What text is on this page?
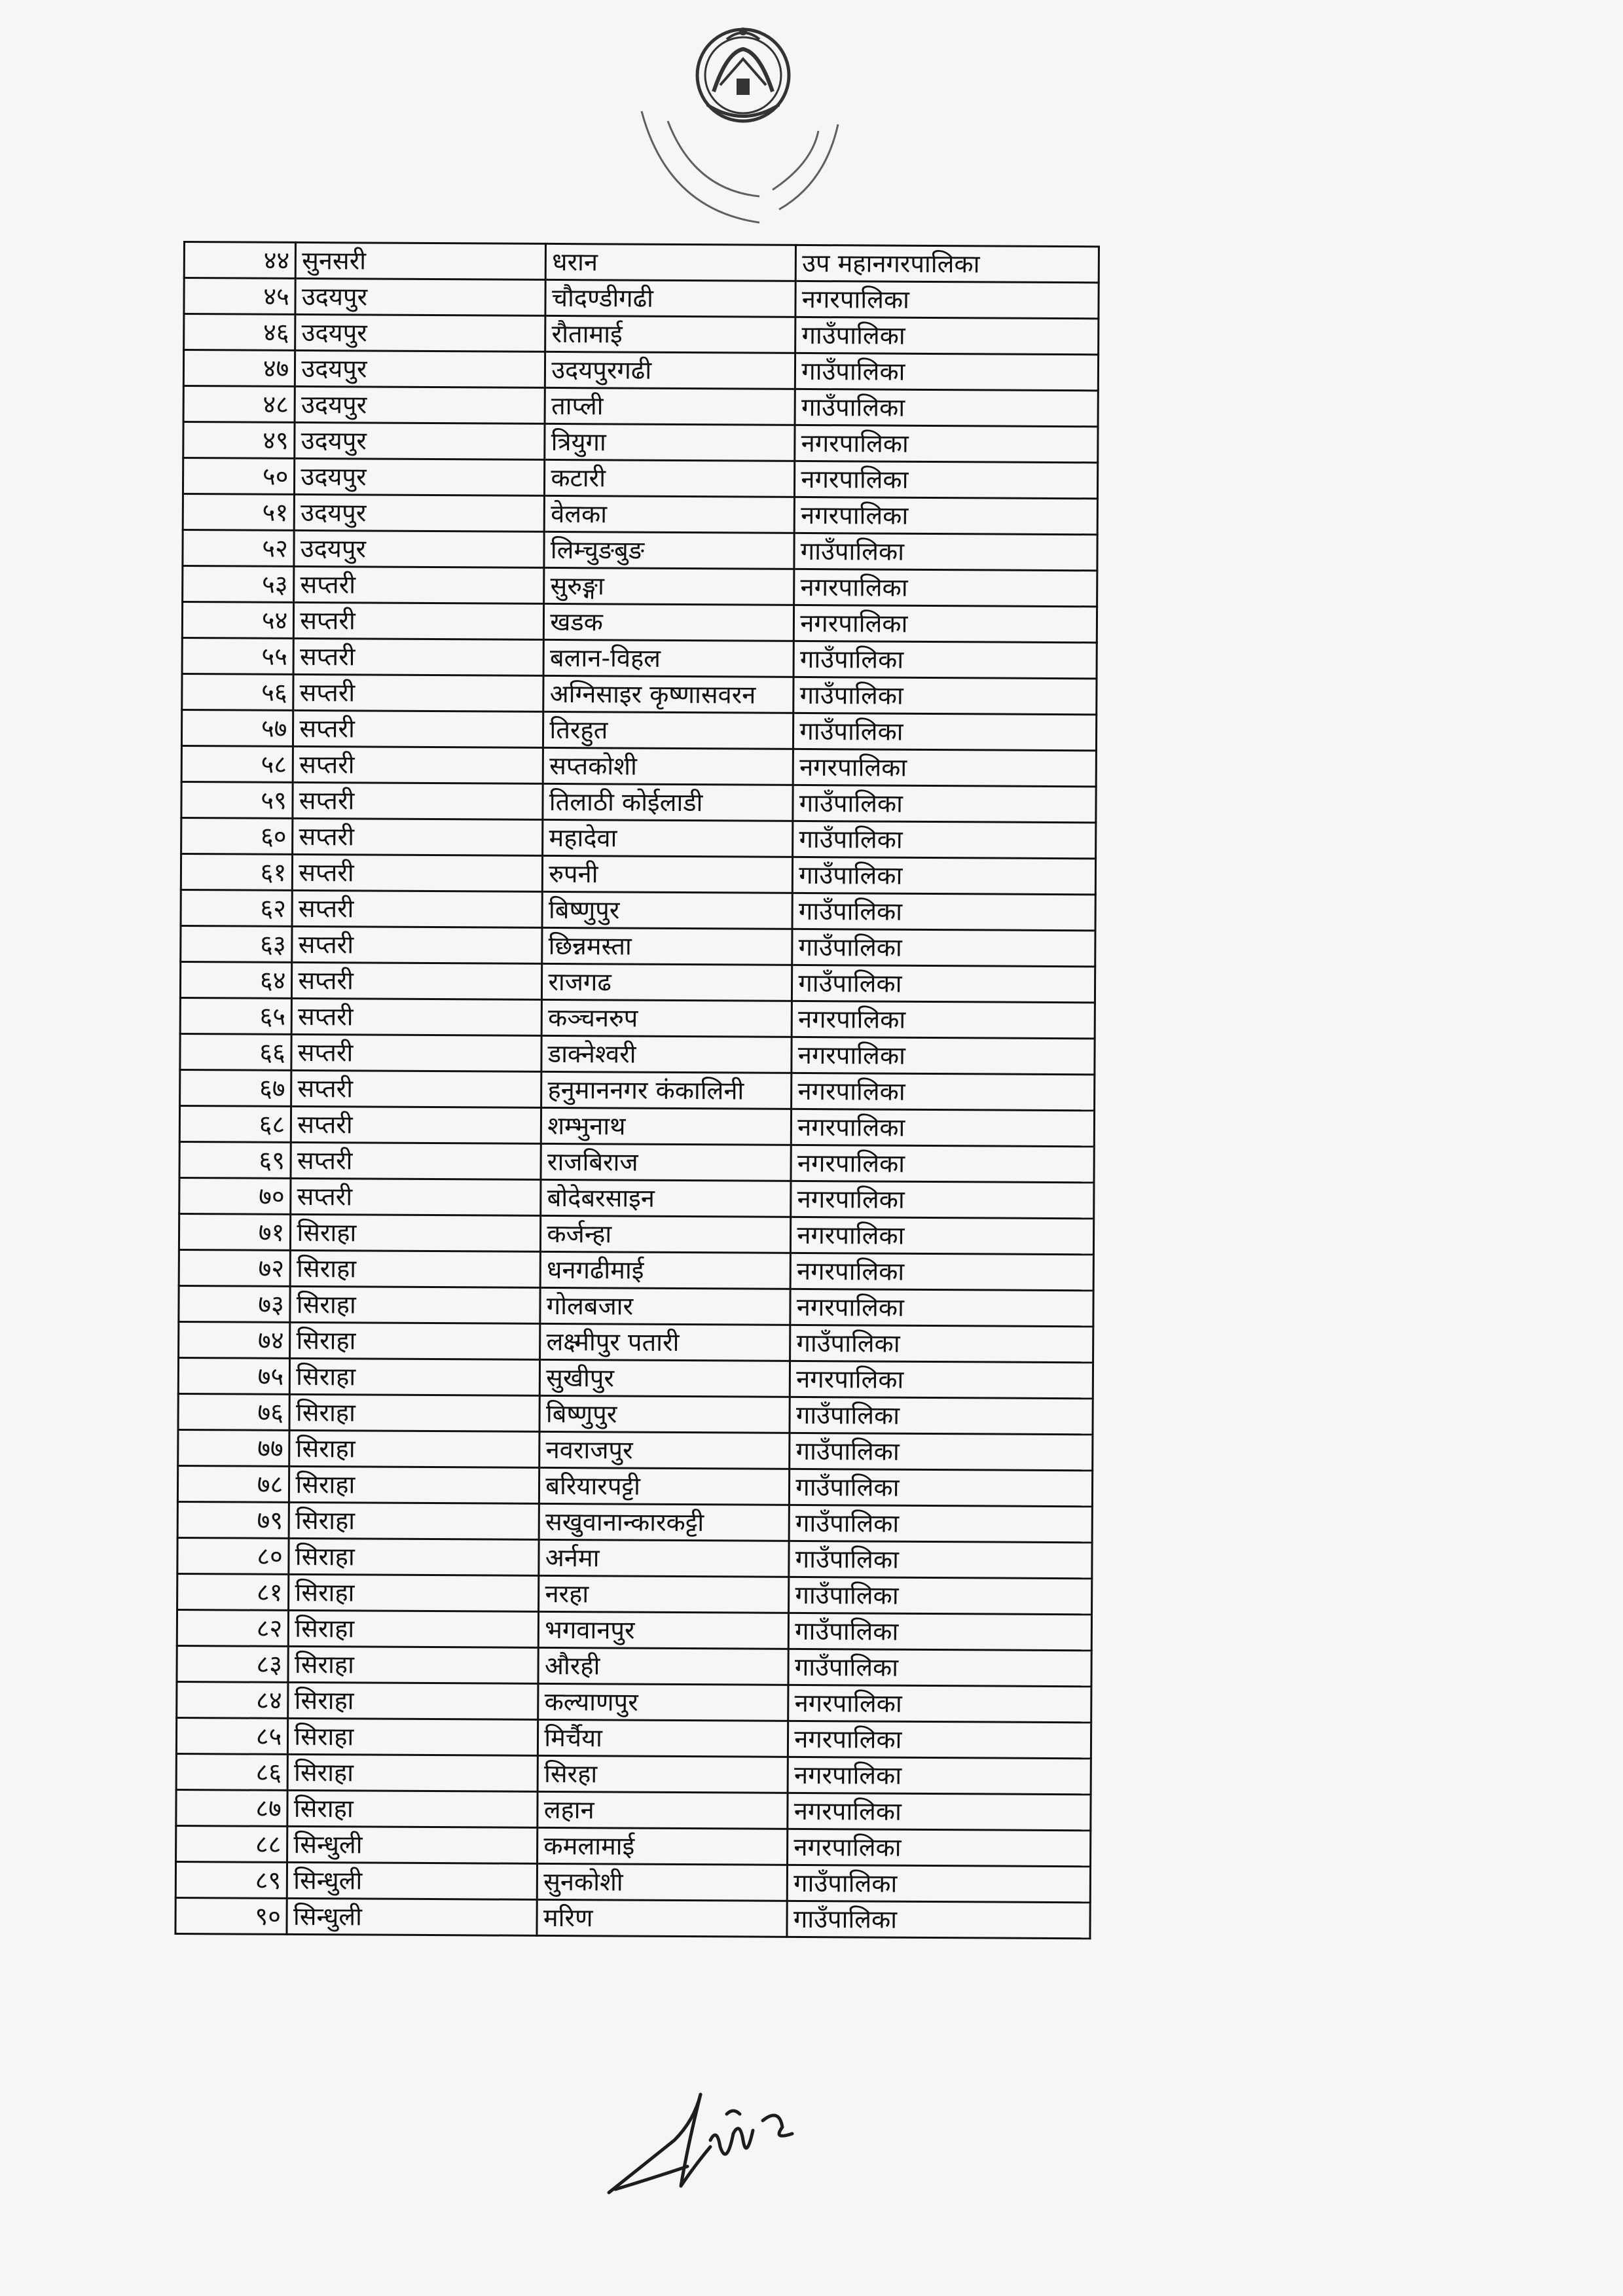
४४	सुनसरी	धरान	उप महानगरपालिका
४५	उदयपुर	चौदण्डीगढी	नगरपालिका
४६	उदयपुर	रौतामाई	गाउँपालिका
४७	उदयपुर	उदयपुरगढी	गाउँपालिका
४८	उदयपुर	ताप्ली	गाउँपालिका
४९	उदयपुर	त्रियुगा	नगरपालिका
५०	उदयपुर	कटारी	नगरपालिका
५१	उदयपुर	वेलका	नगरपालिका
५२	उदयपुर	लिम्चुङबुङ	गाउँपालिका
५३	सप्तरी	सुरुङ्गा	नगरपालिका
५४	सप्तरी	खडक	नगरपालिका
५५	सप्तरी	बलान-विहल	गाउँपालिका
५६	सप्तरी	अग्निसाइर कृष्णासवरन	गाउँपालिका
५७	सप्तरी	तिरहुत	गाउँपालिका
५८	सप्तरी	सप्तकोशी	नगरपालिका
५९	सप्तरी	तिलाठी कोईलाडी	गाउँपालिका
६०	सप्तरी	महादेवा	गाउँपालिका
६१	सप्तरी	रुपनी	गाउँपालिका
६२	सप्तरी	बिष्णुपुर	गाउँपालिका
६३	सप्तरी	छिन्नमस्ता	गाउँपालिका
६४	सप्तरी	राजगढ	गाउँपालिका
६५	सप्तरी	कञ्चनरुप	नगरपालिका
६६	सप्तरी	डाक्नेश्वरी	नगरपालिका
६७	सप्तरी	हनुमाननगर कंकालिनी	नगरपालिका
६८	सप्तरी	शम्भुनाथ	नगरपालिका
६९	सप्तरी	राजबिराज	नगरपालिका
७०	सप्तरी	बोदेबरसाइन	नगरपालिका
७१	सिराहा	कर्जन्हा	नगरपालिका
७२	सिराहा	धनगढीमाई	नगरपालिका
७३	सिराहा	गोलबजार	नगरपालिका
७४	सिराहा	लक्ष्मीपुर पतारी	गाउँपालिका
७५	सिराहा	सुखीपुर	नगरपालिका
७६	सिराहा	बिष्णुपुर	गाउँपालिका
७७	सिराहा	नवराजपुर	गाउँपालिका
७८	सिराहा	बरियारपट्टी	गाउँपालिका
७९	सिराहा	सखुवानान्कारकट्टी	गाउँपालिका
८०	सिराहा	अर्नमा	गाउँपालिका
८१	सिराहा	नरहा	गाउँपालिका
८२	सिराहा	भगवानपुर	गाउँपालिका
८३	सिराहा	औरही	गाउँपालिका
८४	सिराहा	कल्याणपुर	नगरपालिका
८५	सिराहा	मिर्चैया	नगरपालिका
८६	सिराहा	सिरहा	नगरपालिका
८७	सिराहा	लहान	नगरपालिका
८८	सिन्धुली	कमलामाई	नगरपालिका
८९	सिन्धुली	सुनकोशी	गाउँपालिका
९०	सिन्धुली	मरिण	गाउँपालिका
